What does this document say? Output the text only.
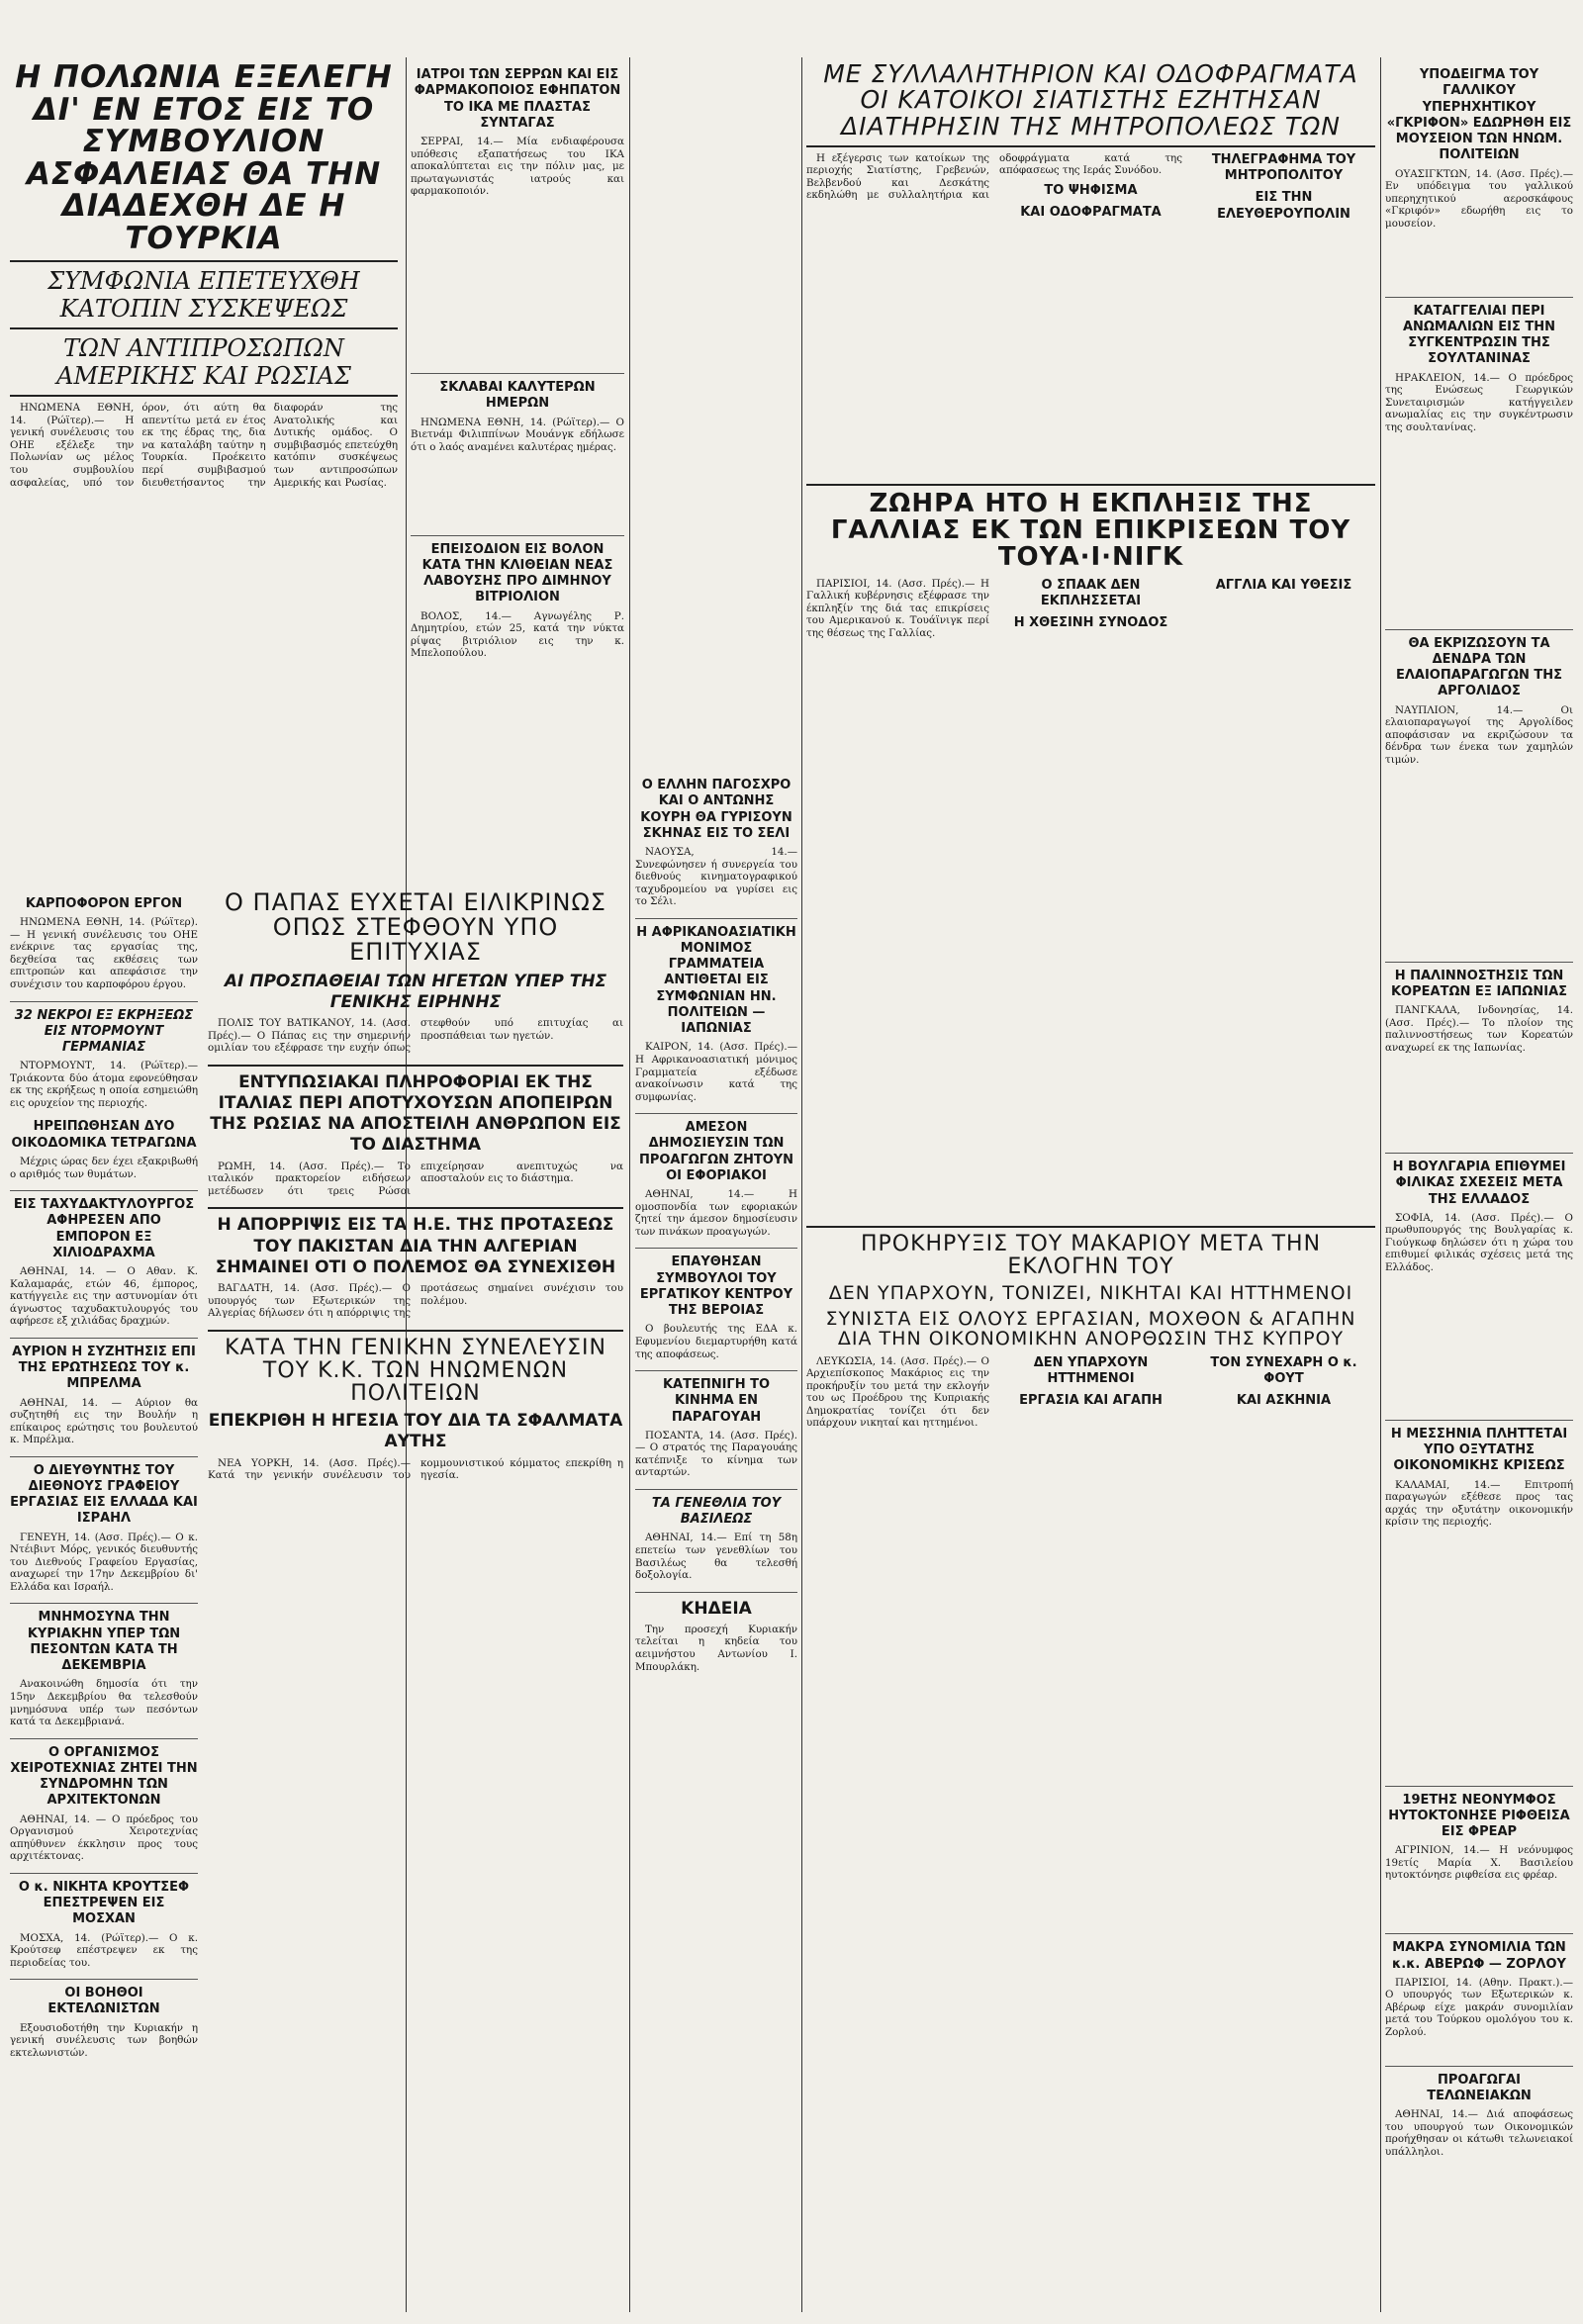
Η ΠΟΛΩΝΙΑ ΕΞΕΛΕΓΗ ΔΙ' ΕΝ ΕΤΟΣ ΕΙΣ ΤΟ ΣΥΜΒΟΥΛΙΟΝ ΑΣΦΑΛΕΙΑΣ ΘΑ ΤΗΝ ΔΙΑΔΕΧΘΗ ΔΕ Η ΤΟΥΡΚΙΑ
ΣΥΜΦΩΝΙΑ ΕΠΕΤΕΥΧΘΗ ΚΑΤΟΠΙΝ ΣΥΣΚΕΨΕΩΣ
ΤΩΝ ΑΝΤΙΠΡΟΣΩΠΩΝ ΑΜΕΡΙΚΗΣ ΚΑΙ ΡΩΣΙΑΣ

ΗΝΩΜΕΝΑ ΕΘΝΗ, 14. (Ρώϊτερ).— Η γενική συνέλευσις του ΟΗΕ εξέλεξε την Πολωνίαν ως μέλος του συμβουλίου ασφαλείας, υπό τον όρον, ότι αύτη θα απεντίτω μετά εν έτος εκ της έδρας της, δια να καταλάβη ταύτην η Τουρκία. Προέκειτο περί συμβιβασμού διευθετήσαντος την διαφοράν της Ανατολικής και Δυτικής ομάδος. Ο συμβιβασμός επετεύχθη κατόπιν συσκέψεως των αντιπροσώπων Αμερικής και Ρωσίας.

ΚΑΡΠΟΦΟΡΟΝ ΕΡΓΟΝ

ΗΝΩΜΕΝΑ ΕΘΝΗ, 14. (Ρώϊτερ).— Η γενική συνέλευσις του ΟΗΕ ενέκρινε τας εργασίας της, δεχθείσα τας εκθέσεις των επιτροπών και απεφάσισε την συνέχισιν του καρποφόρου έργου.

32 ΝΕΚΡΟΙ ΕΞ ΕΚΡΗΞΕΩΣ ΕΙΣ ΝΤΟΡΜΟΥΝΤ ΓΕΡΜΑΝΙΑΣ

ΝΤΟΡΜΟΥΝΤ, 14. (Ρώϊτερ).— Τριάκοντα δύο άτομα εφονεύθησαν εκ της εκρήξεως η οποία εσημειώθη εις ορυχείον της περιοχής.

ΗΡΕΙΠΩΘΗΣΑΝ ΔΥΟ ΟΙΚΟΔΟΜΙΚΑ ΤΕΤΡΑΓΩΝΑ

Μέχρις ώρας δεν έχει εξακριβωθή ο αριθμός των θυμάτων.

ΕΙΣ ΤΑΧΥΔΑΚΤΥΛΟΥΡΓΟΣ ΑΦΗΡΕΣΕΝ ΑΠΟ ΕΜΠΟΡΟΝ ΕΞ ΧΙΛΙΟΔΡΑΧΜΑ

ΑΘΗΝΑΙ, 14. — Ο Αθαν. Κ. Καλαμαράς, ετών 46, έμπορος, κατήγγειλε εις την αστυνομίαν ότι άγνωστος ταχυδακτυλουργός του αφήρεσε εξ χιλιάδας δραχμών.

ΑΥΡΙΟΝ Η ΣΥΖΗΤΗΣΙΣ ΕΠΙ ΤΗΣ ΕΡΩΤΗΣΕΩΣ ΤΟΥ κ. ΜΠΡΕΛΜΑ

ΑΘΗΝΑΙ, 14. — Αύριον θα συζητηθή εις την Βουλήν η επίκαιρος ερώτησις του βουλευτού κ. Μπρέλμα.

Ο ΔΙΕΥΘΥΝΤΗΣ ΤΟΥ ΔΙΕΘΝΟΥΣ ΓΡΑΦΕΙΟΥ ΕΡΓΑΣΙΑΣ ΕΙΣ ΕΛΛΑΔΑ ΚΑΙ ΙΣΡΑΗΛ

ΓΕΝΕΥΗ, 14. (Ασσ. Πρές).— Ο κ. Ντέιβιντ Μόρς, γενικός διευθυντής του Διεθνούς Γραφείου Εργασίας, αναχωρεί την 17ην Δεκεμβρίου δι' Ελλάδα και Ισραήλ.

ΜΝΗΜΟΣΥΝΑ ΤΗΝ ΚΥΡΙΑΚΗΝ ΥΠΕΡ ΤΩΝ ΠΕΣΟΝΤΩΝ ΚΑΤΑ ΤΗ ΔΕΚΕΜΒΡΙΑ

Ανακοινώθη δημοσία ότι την 15ην Δεκεμβρίου θα τελεσθούν μνημόσυνα υπέρ των πεσόντων κατά τα Δεκεμβριανά.

Ο ΟΡΓΑΝΙΣΜΟΣ ΧΕΙΡΟΤΕΧΝΙΑΣ ΖΗΤΕΙ ΤΗΝ ΣΥΝΔΡΟΜΗΝ ΤΩΝ ΑΡΧΙΤΕΚΤΟΝΩΝ

ΑΘΗΝΑΙ, 14. — Ο πρόεδρος του Οργανισμού Χειροτεχνίας απηύθυνεν έκκλησιν προς τους αρχιτέκτονας.

Ο κ. ΝΙΚΗΤΑ ΚΡΟΥΤΣΕΦ ΕΠΕΣΤΡΕΨΕΝ ΕΙΣ ΜΟΣΧΑΝ

ΜΟΣΧΑ, 14. (Ρώϊτερ).— Ο κ. Κρούτσεφ επέστρεψεν εκ της περιοδείας του.

ΟΙ ΒΟΗΘΟΙ ΕΚΤΕΛΩΝΙΣΤΩΝ

Εξουσιοδοτήθη την Κυριακήν η γενική συνέλευσις των βοηθών εκτελωνιστών.

Ο ΠΑΠΑΣ ΕΥΧΕΤΑΙ ΕΙΛΙΚΡΙΝΩΣ ΟΠΩΣ ΣΤΕΦΘΟΥΝ ΥΠΟ ΕΠΙΤΥΧΙΑΣ
ΑΙ ΠΡΟΣΠΑΘΕΙΑΙ ΤΩΝ ΗΓΕΤΩΝ ΥΠΕΡ ΤΗΣ ΓΕΝΙΚΗΣ ΕΙΡΗΝΗΣ

ΠΟΛΙΣ ΤΟΥ ΒΑΤΙΚΑΝΟΥ, 14. (Ασσ. Πρές).— Ο Πάπας εις την σημερινήν ομιλίαν του εξέφρασε την ευχήν όπως στεφθούν υπό επιτυχίας αι προσπάθειαι των ηγετών.

ΕΝΤΥΠΩΣΙΑΚΑΙ ΠΛΗΡΟΦΟΡΙΑΙ ΕΚ ΤΗΣ ΙΤΑΛΙΑΣ ΠΕΡΙ ΑΠΟΤΥΧΟΥΣΩΝ ΑΠΟΠΕΙΡΩΝ ΤΗΣ ΡΩΣΙΑΣ ΝΑ ΑΠΟΣΤΕΙΛΗ ΑΝΘΡΩΠΟΝ ΕΙΣ ΤΟ ΔΙΑΣΤΗΜΑ

ΡΩΜΗ, 14. (Ασσ. Πρές).— Το ιταλικόν πρακτορείον ειδήσεων μετέδωσεν ότι τρεις Ρώσοι επιχείρησαν ανεπιτυχώς να αποσταλούν εις το διάστημα.

Η ΑΠΟΡΡΙΨΙΣ ΕΙΣ ΤΑ Η.Ε. ΤΗΣ ΠΡΟΤΑΣΕΩΣ ΤΟΥ ΠΑΚΙΣΤΑΝ ΔΙΑ ΤΗΝ ΑΛΓΕΡΙΑΝ ΣΗΜΑΙΝΕΙ ΟΤΙ Ο ΠΟΛΕΜΟΣ ΘΑ ΣΥΝΕΧΙΣΘΗ

ΒΑΓΔΑΤΗ, 14. (Ασσ. Πρές).— Ο υπουργός των Εξωτερικών της Αλγερίας δήλωσεν ότι η απόρριψις της προτάσεως σημαίνει συνέχισιν του πολέμου.

ΚΑΤΑ ΤΗΝ ΓΕΝΙΚΗΝ ΣΥΝΕΛΕΥΣΙΝ ΤΟΥ Κ.Κ. ΤΩΝ ΗΝΩΜΕΝΩΝ ΠΟΛΙΤΕΙΩΝ
ΕΠΕΚΡΙΘΗ Η ΗΓΕΣΙΑ ΤΟΥ ΔΙΑ ΤΑ ΣΦΑΛΜΑΤΑ ΑΥΤΗΣ

ΝΕΑ ΥΟΡΚΗ, 14. (Ασσ. Πρές).— Κατά την γενικήν συνέλευσιν του κομμουνιστικού κόμματος επεκρίθη η ηγεσία.

ΙΑΤΡΟΙ ΤΩΝ ΣΕΡΡΩΝ ΚΑΙ ΕΙΣ ΦΑΡΜΑΚΟΠΟΙΟΣ ΕΦΗΠΑΤΟΝ ΤΟ ΙΚΑ ΜΕ ΠΛΑΣΤΑΣ ΣΥΝΤΑΓΑΣ

ΣΕΡΡΑΙ, 14.— Μία ενδιαφέρουσα υπόθεσις εξαπατήσεως του ΙΚΑ αποκαλύπτεται εις την πόλιν μας, με πρωταγωνιστάς ιατρούς και φαρμακοποιόν.

ΣΚΛΑΒΑΙ ΚΑΛΥΤΕΡΩΝ ΗΜΕΡΩΝ

ΗΝΩΜΕΝΑ ΕΘΝΗ, 14. (Ρώϊτερ).— Ο Βιετνάμ Φιλιππίνων Μουάνγκ εδήλωσε ότι ο λαός αναμένει καλυτέρας ημέρας.

ΕΠΕΙΣΟΔΙΟΝ ΕΙΣ ΒΟΛΟΝ ΚΑΤΑ ΤΗΝ ΚΛΙΘΕΙΑΝ ΝΕΑΣ ΛΑΒΟΥΣΗΣ ΠΡΟ ΔΙΜΗΝΟΥ ΒΙΤΡΙΟΛΙΟΝ

ΒΟΛΟΣ, 14.— Αγνωγέλης Ρ. Δημητρίου, ετών 25, κατά την νύκτα ρίψας βιτριόλιον εις την κ. Μπελοπούλου.

Ο ΕΛΛΗΝ ΠΑΓΟΣΧΡΟ ΚΑΙ Ο ΑΝΤΩΝΗΣ ΚΟΥΡΗ ΘΑ ΓΥΡΙΣΟΥΝ ΣΚΗΝΑΣ ΕΙΣ ΤΟ ΣΕΛΙ

ΝΑΟΥΣΑ, 14.— Συνεφώνησεν ή συνεργεία του διεθνούς κινηματογραφικού ταχυδρομείου να γυρίσει εις το Σέλι.

Η ΑΦΡΙΚΑΝΟΑΣΙΑΤΙΚΗ ΜΟΝΙΜΟΣ ΓΡΑΜΜΑΤΕΙΑ ΑΝΤΙΘΕΤΑΙ ΕΙΣ ΣΥΜΦΩΝΙΑΝ ΗΝ. ΠΟΛΙΤΕΙΩΝ — ΙΑΠΩΝΙΑΣ

ΚΑΙΡΟΝ, 14. (Ασσ. Πρές).— Η Αφρικανοασιατική μόνιμος Γραμματεία εξέδωσε ανακοίνωσιν κατά της συμφωνίας.

ΑΜΕΣΟΝ ΔΗΜΟΣΙΕΥΣΙΝ ΤΩΝ ΠΡΟΑΓΩΓΩΝ ΖΗΤΟΥΝ ΟΙ ΕΦΟΡΙΑΚΟΙ

ΑΘΗΝΑΙ, 14.— Η ομοσπονδία των εφοριακών ζητεί την άμεσον δημοσίευσιν των πινάκων προαγωγών.

ΕΠΑΥΘΗΣΑΝ ΣΥΜΒΟΥΛΟΙ ΤΟΥ ΕΡΓΑΤΙΚΟΥ ΚΕΝΤΡΟΥ ΤΗΣ ΒΕΡΟΙΑΣ

Ο βουλευτής της ΕΔΑ κ. Εφυμενίου διεμαρτυρήθη κατά της αποφάσεως.

ΚΑΤΕΠΝΙΓΗ ΤΟ ΚΙΝΗΜΑ ΕΝ ΠΑΡΑΓΟΥΑΗ

ΠΟΣΑΝΤΑ, 14. (Ασσ. Πρές).— Ο στρατός της Παραγουάης κατέπνιξε το κίνημα των ανταρτών.

ΤΑ ΓΕΝΕΘΛΙΑ ΤΟΥ ΒΑΣΙΛΕΩΣ

ΑΘΗΝΑΙ, 14.— Επί τη 58η επετείω των γενεθλίων του Βασιλέως θα τελεσθή δοξολογία.

ΚΗΔΕΙΑ

Την προσεχή Κυριακήν τελείται η κηδεία του αειμνήστου Αντωνίου Ι. Μπουρλάκη.

ΜΕ ΣΥΛΛΑΛΗΤΗΡΙΟΝ ΚΑΙ ΟΔΟΦΡΑΓΜΑΤΑ ΟΙ ΚΑΤΟΙΚΟΙ ΣΙΑΤΙΣΤΗΣ ΕΖΗΤΗΣΑΝ ΔΙΑΤΗΡΗΣΙΝ ΤΗΣ ΜΗΤΡΟΠΟΛΕΩΣ ΤΩΝ

Η εξέγερσις των κατοίκων της περιοχής Σιατίστης, Γρεβενών, Βελβενδού και Δεσκάτης εκδηλώθη με συλλαλητήρια και οδοφράγματα κατά της απόφασεως της Ιεράς Συνόδου.

ΤΟ ΨΗΦΙΣΜΑ
ΚΑΙ ΟΔΟΦΡΑΓΜΑΤΑ
ΤΗΛΕΓΡΑΦΗΜΑ ΤΟΥ ΜΗΤΡΟΠΟΛΙΤΟΥ
ΕΙΣ ΤΗΝ ΕΛΕΥΘΕΡΟΥΠΟΛΙΝ
ΖΩΗΡΑ ΗΤΟ Η ΕΚΠΛΗΞΙΣ ΤΗΣ ΓΑΛΛΙΑΣ ΕΚ ΤΩΝ ΕΠΙΚΡΙΣΕΩΝ ΤΟΥ ΤΟΥΑ·Ι·ΝΙΓΚ

ΠΑΡΙΣΙΟΙ, 14. (Ασσ. Πρές).— Η Γαλλική κυβέρνησις εξέφρασε την έκπληξίν της διά τας επικρίσεις του Αμερικανού κ. Τουάϊνιγκ περί της θέσεως της Γαλλίας.

Ο ΣΠΑΑΚ ΔΕΝ ΕΚΠΛΗΣΣΕΤΑΙ
Η ΧΘΕΣΙΝΗ ΣΥΝΟΔΟΣ
ΑΓΓΛΙΑ ΚΑΙ ΥΘΕΣΙΣ
ΠΡΟΚΗΡΥΞΙΣ ΤΟΥ ΜΑΚΑΡΙΟΥ ΜΕΤΑ ΤΗΝ ΕΚΛΟΓΗΝ ΤΟΥ
ΔΕΝ ΥΠΑΡΧΟΥΝ, ΤΟΝΙΖΕΙ, ΝΙΚΗΤΑΙ ΚΑΙ ΗΤΤΗΜΕΝΟΙ
ΣΥΝΙΣΤΑ ΕΙΣ ΟΛΟΥΣ ΕΡΓΑΣΙΑΝ, ΜΟΧΘΟΝ & ΑΓΑΠΗΝ ΔΙΑ ΤΗΝ ΟΙΚΟΝΟΜΙΚΗΝ ΑΝΟΡΘΩΣΙΝ ΤΗΣ ΚΥΠΡΟΥ

ΛΕΥΚΩΣΙΑ, 14. (Ασσ. Πρές).— Ο Αρχιεπίσκοπος Μακάριος εις την προκήρυξίν του μετά την εκλογήν του ως Προέδρου της Κυπριακής Δημοκρατίας τονίζει ότι δεν υπάρχουν νικηταί και ηττημένοι.

ΔΕΝ ΥΠΑΡΧΟΥΝ ΗΤΤΗΜΕΝΟΙ
ΕΡΓΑΣΙΑ ΚΑΙ ΑΓΑΠΗ
ΤΟΝ ΣΥΝΕΧΑΡΗ Ο κ. ΦΟΥΤ
ΚΑΙ ΑΣΚΗΝΙΑ
ΥΠΟΔΕΙΓΜΑ ΤΟΥ ΓΑΛΛΙΚΟΥ ΥΠΕΡΗΧΗΤΙΚΟΥ «ΓΚΡΙΦΟΝ» ΕΔΩΡΗΘΗ ΕΙΣ ΜΟΥΣΕΙΟΝ ΤΩΝ ΗΝΩΜ. ΠΟΛΙΤΕΙΩΝ

ΟΥΑΣΙΓΚΤΩΝ, 14. (Ασσ. Πρές).— Εν υπόδειγμα του γαλλικού υπερηχητικού αεροσκάφους «Γκριφόν» εδωρήθη εις το μουσείον.

ΚΑΤΑΓΓΕΛΙΑΙ ΠΕΡΙ ΑΝΩΜΑΛΙΩΝ ΕΙΣ ΤΗΝ ΣΥΓΚΕΝΤΡΩΣΙΝ ΤΗΣ ΣΟΥΛΤΑΝΙΝΑΣ

ΗΡΑΚΛΕΙΟΝ, 14.— Ο πρόεδρος της Ενώσεως Γεωργικών Συνεταιρισμών κατήγγειλεν ανωμαλίας εις την συγκέντρωσιν της σουλτανίνας.

ΘΑ ΕΚΡΙΖΩΣΟΥΝ ΤΑ ΔΕΝΔΡΑ ΤΩΝ ΕΛΑΙΟΠΑΡΑΓΩΓΩΝ ΤΗΣ ΑΡΓΟΛΙΔΟΣ

ΝΑΥΠΛΙΟΝ, 14.— Οι ελαιοπαραγωγοί της Αργολίδος αποφάσισαν να εκριζώσουν τα δένδρα των ένεκα των χαμηλών τιμών.

Η ΠΑΛΙΝΝΟΣΤΗΣΙΣ ΤΩΝ ΚΟΡΕΑΤΩΝ ΕΞ ΙΑΠΩΝΙΑΣ

ΠΑΝΓΚΑΛΑ, Ινδονησίας, 14. (Ασσ. Πρές).— Το πλοίον της παλιννοστήσεως των Κορεατών αναχωρεί εκ της Ιαπωνίας.

Η ΒΟΥΛΓΑΡΙΑ ΕΠΙΘΥΜΕΙ ΦΙΛΙΚΑΣ ΣΧΕΣΕΙΣ ΜΕΤΑ ΤΗΣ ΕΛΛΑΔΟΣ

ΣΟΦΙΑ, 14. (Ασσ. Πρές).— Ο πρωθυπουργός της Βουλγαρίας κ. Γιούγκωφ δηλώσεν ότι η χώρα του επιθυμεί φιλικάς σχέσεις μετά της Ελλάδος.

Η ΜΕΣΣΗΝΙΑ ΠΛΗΤΤΕΤΑΙ ΥΠΟ ΟΞΥΤΑΤΗΣ ΟΙΚΟΝΟΜΙΚΗΣ ΚΡΙΣΕΩΣ

ΚΑΛΑΜΑΙ, 14.— Επιτροπή παραγωγών εξέθεσε προς τας αρχάς την οξυτάτην οικονομικήν κρίσιν της περιοχής.

19ΕΤΗΣ ΝΕΟΝΥΜΦΟΣ ΗΥΤΟΚΤΟΝΗΣΕ ΡΙΦΘΕΙΣΑ ΕΙΣ ΦΡΕΑΡ

ΑΓΡΙΝΙΟΝ, 14.— Η νεόνυμφος 19ετίς Μαρία Χ. Βασιλείου ηυτοκτόνησε ριφθείσα εις φρέαρ.

ΜΑΚΡΑ ΣΥΝΟΜΙΛΙΑ ΤΩΝ κ.κ. ΑΒΕΡΩΦ — ΖΟΡΛΟΥ

ΠΑΡΙΣΙΟΙ, 14. (Αθην. Πρακτ.).— Ο υπουργός των Εξωτερικών κ. Αβέρωφ είχε μακράν συνομιλίαν μετά του Τούρκου ομολόγου του κ. Ζορλού.

ΠΡΟΑΓΩΓΑΙ ΤΕΛΩΝΕΙΑΚΩΝ

ΑΘΗΝΑΙ, 14.— Διά αποφάσεως του υπουργού των Οικονομικών προήχθησαν οι κάτωθι τελωνειακοί υπάλληλοι.
